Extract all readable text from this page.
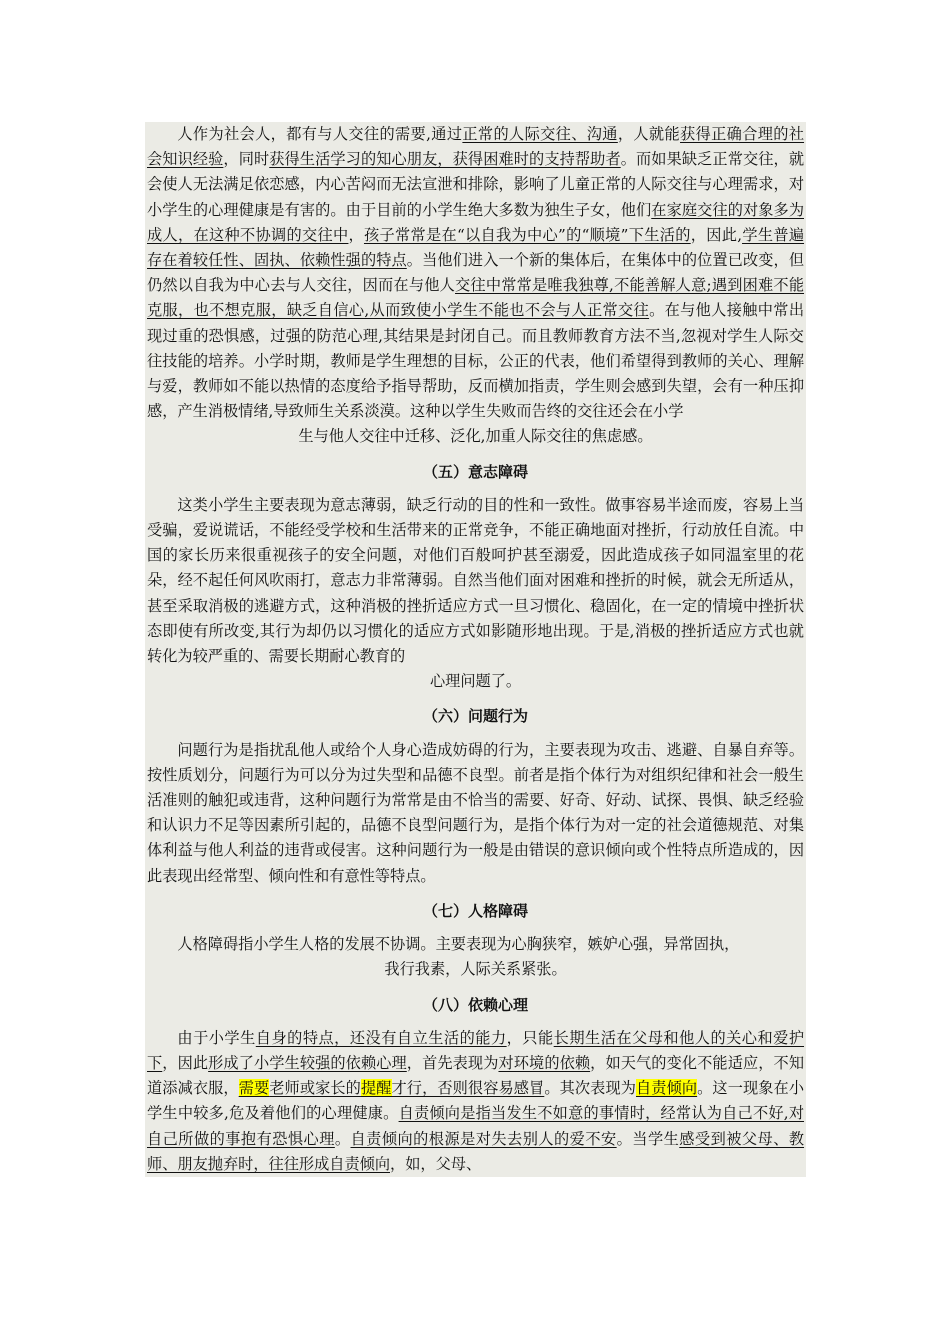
人作为社会人，都有与人交往的需要,通过正常的人际交往、沟通，人就能获得正确合理的社会知识经验，同时获得生活学习的知心朋友，获得困难时的支持帮助者。而如果缺乏正常交往，就会使人无法满足依恋感，内心苦闷而无法宣泄和排除，影响了儿童正常的人际交往与心理需求，对小学生的心理健康是有害的。由于目前的小学生绝大多数为独生子女，他们在家庭交往的对象多为成人，在这种不协调的交往中，孩子常常是在“以自我为中心”的“顺境”下生活的，因此,学生普遍存在着较任性、固执、依赖性强的特点。当他们进入一个新的集体后，在集体中的位置已改变，但仍然以自我为中心去与人交往，因而在与他人交往中常常是唯我独尊,不能善解人意;遇到困难不能克服，也不想克服，缺乏自信心,从而致使小学生不能也不会与人正常交往。在与他人接触中常出现过重的恐惧感，过强的防范心理,其结果是封闭自己。而且教师教育方法不当,忽视对学生人际交往技能的培养。小学时期，教师是学生理想的目标，公正的代表，他们希望得到教师的关心、理解与爱，教师如不能以热情的态度给予指导帮助，反而横加指责，学生则会感到失望，会有一种压抑感，产生消极情绪,导致师生关系淡漠。这种以学生失败而告终的交往还会在小学
生与他人交往中迁移、泛化,加重人际交往的焦虑感。

（五）意志障碍

这类小学生主要表现为意志薄弱，缺乏行动的目的性和一致性。做事容易半途而废，容易上当受骗，爱说谎话，不能经受学校和生活带来的正常竞争，不能正确地面对挫折，行动放任自流。中国的家长历来很重视孩子的安全问题，对他们百般呵护甚至溺爱，因此造成孩子如同温室里的花朵，经不起任何风吹雨打，意志力非常薄弱。自然当他们面对困难和挫折的时候，就会无所适从，甚至采取消极的逃避方式，这种消极的挫折适应方式一旦习惯化、稳固化，在一定的情境中挫折状态即使有所改变,其行为却仍以习惯化的适应方式如影随形地出现。于是,消极的挫折适应方式也就转化为较严重的、需要长期耐心教育的
心理问题了。

（六）问题行为

问题行为是指扰乱他人或给个人身心造成妨碍的行为，主要表现为攻击、逃避、自暴自弃等。按性质划分，问题行为可以分为过失型和品德不良型。前者是指个体行为对组织纪律和社会一般生活准则的触犯或违背，这种问题行为常常是由不恰当的需要、好奇、好动、试探、畏惧、缺乏经验和认识力不足等因素所引起的，品德不良型问题行为，是指个体行为对一定的社会道德规范、对集体利益与他人利益的违背或侵害。这种问题行为一般是由错误的意识倾向或个性特点所造成的，因此表现出经常型、倾向性和有意性等特点。

（七）人格障碍

人格障碍指小学生人格的发展不协调。主要表现为心胸狭窄，嫉妒心强，异常固执，
我行我素，人际关系紧张。

（八）依赖心理

由于小学生自身的特点，还没有自立生活的能力，只能长期生活在父母和他人的关心和爱护下，因此形成了小学生较强的依赖心理，首先表现为对环境的依赖，如天气的变化不能适应，不知道添减衣服，需要老师或家长的提醒才行，否则很容易感冒。其次表现为自责倾向。这一现象在小学生中较多,危及着他们的心理健康。自责倾向是指当发生不如意的事情时，经常认为自己不好,对自己所做的事抱有恐惧心理。自责倾向的根源是对失去别人的爱不安。当学生感受到被父母、教师、朋友抛弃时，往往形成自责倾向，如，父母、
